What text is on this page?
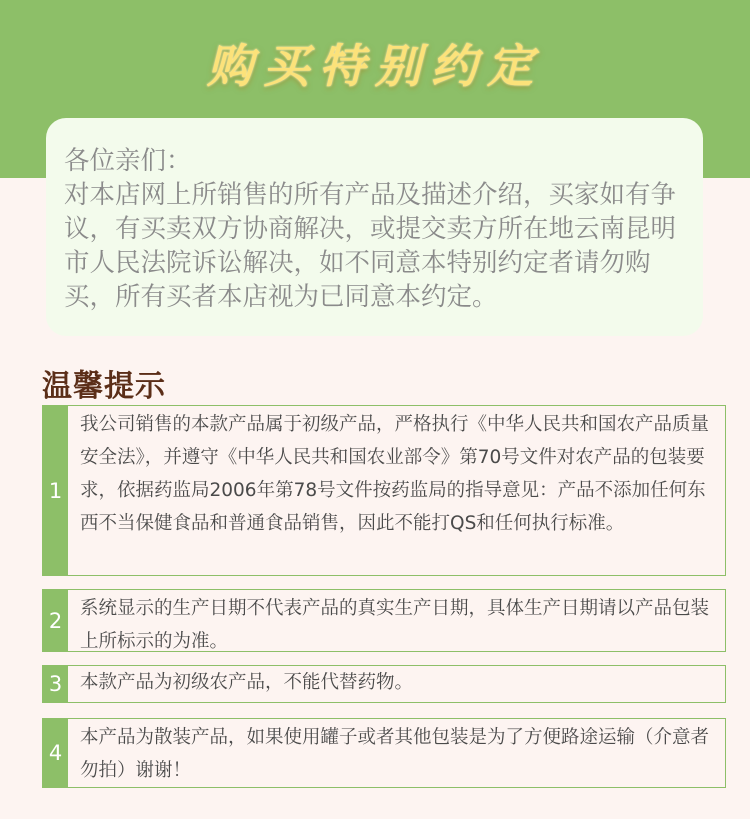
购买特别约定

各位亲们：

对本店网上所销售的所有产品及描述介绍，买家如有争议，有买卖双方协商解决，或提交卖方所在地云南昆明市人民法院诉讼解决，如不同意本特别约定者请勿购买，所有买者本店视为已同意本约定。

温馨提示
1
我公司销售的本款产品属于初级产品，严格执行《中华人民共和国农产品质量安全法》，并遵守《中华人民共和国农业部令》第70号文件对农产品的包装要求，依据药监局2006年第78号文件按药监局的指导意见：产品不添加任何东西不当保健食品和普通食品销售，因此不能打QS和任何执行标准。
2 系统显示的生产日期不代表产品的真实生产日期，具体生产日期请以产品包装上所标示的为准。
3 本款产品为初级农产品，不能代替药物。
4
本产品为散装产品，如果使用罐子或者其他包装是为了方便路途运输（介意者勿拍）谢谢！
